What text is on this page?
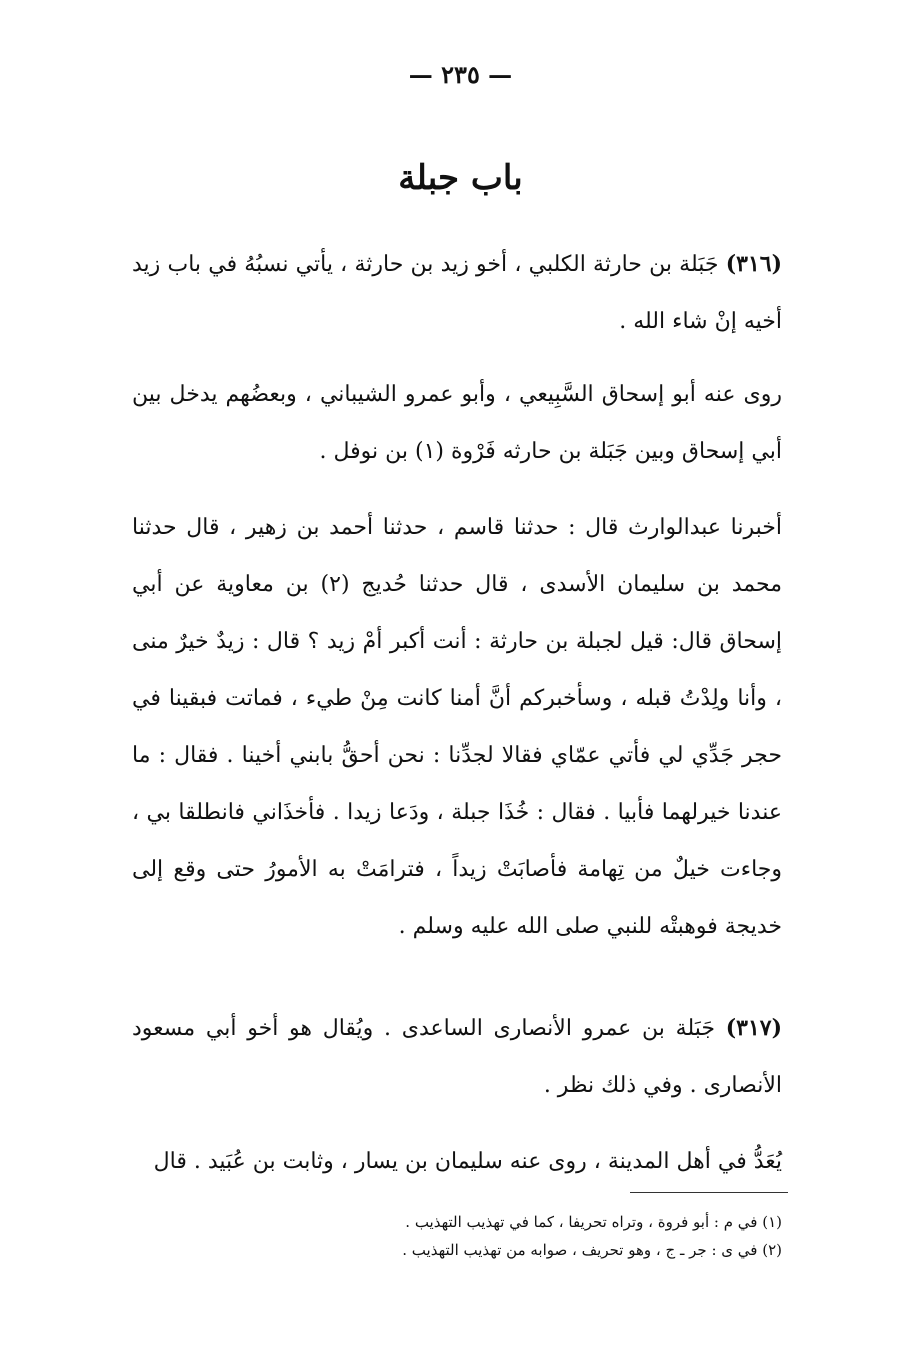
— ٢٣٥ —
باب جبلة
(٣١٦) جَبَلة بن حارثة الكلبي ، أخو زيد بن حارثة ، يأتي نسبُهُ في باب زيد أخيه إنْ شاء الله .
روى عنه أبو إسحاق السَّبِيعي ، وأبو عمرو الشيباني ، وبعضُهم يدخل بين أبي إسحاق وبين جَبَلة بن حارثه فَرْوة (١) بن نوفل .
أخبرنا عبدالوارث قال : حدثنا قاسم ، حدثنا أحمد بن زهير ، قال حدثنا محمد بن سليمان الأسدى ، قال حدثنا حُديج (٢) بن معاوية عن أبي إسحاق قال: قيل لجبلة بن حارثة : أنت أكبر أمْ زيد ؟ قال : زيدٌ خيرٌ منى ، وأنا ولِدْتُ قبله ، وسأخبركم أنَّ أمنا كانت مِنْ طيء ، فماتت فبقينا في حجر جَدِّي لي فأتي عمّاي فقالا لجدِّنا : نحن أحقُّ بابني أخينا . فقال : ما عندنا خيرلهما فأبيا . فقال : خُذَا جبلة ، ودَعا زيدا . فأخذَاني فانطلقا بي ، وجاءت خيلٌ من تِهامة فأصابَتْ زيداً ، فترامَتْ به الأمورُ حتى وقع إلى خديجة فوهبتْه للنبي صلى الله عليه وسلم .
(٣١٧) جَبَلة بن عمرو الأنصارى الساعدى . ويُقال هو أخو أبي مسعود الأنصارى . وفي ذلك نظر .
يُعَدُّ في أهل المدينة ، روى عنه سليمان بن يسار ، وثابت بن عُبَيد . قال
(١) في م : أبو فروة ، وتراه تحريفا ، كما في تهذيب التهذيب .
(٢) في ى : جر ـ ج ، وهو تحريف ، صوابه من تهذيب التهذيب .
